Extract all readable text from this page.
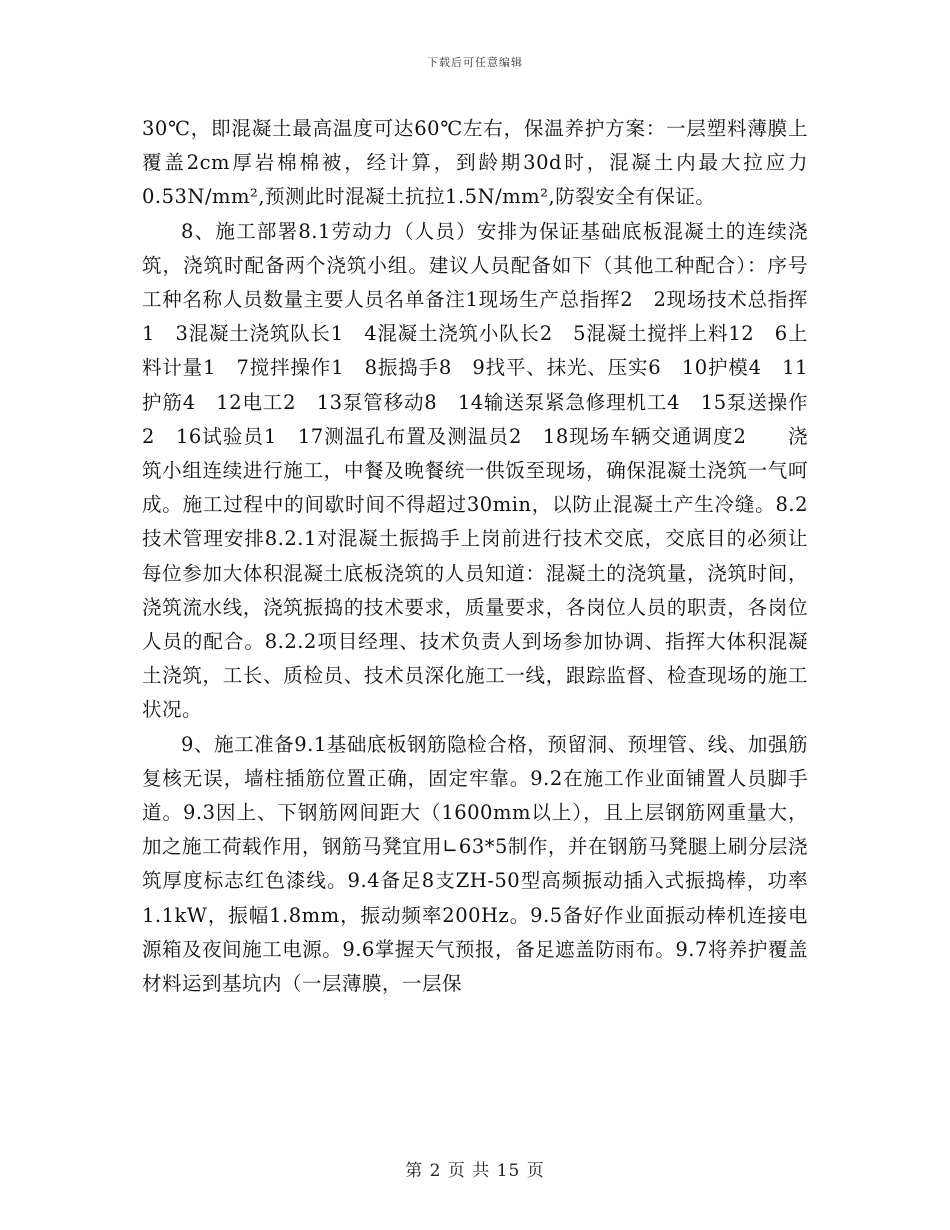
下载后可任意编辑

30℃，即混凝土最高温度可达60℃左右，保温养护方案：一层塑料薄膜上覆盖2cm厚岩棉棉被，经计算，到龄期30d时，混凝土内最大拉应力0.53N/mm²,预测此时混凝土抗拉1.5N/mm²,防裂安全有保证。

8、施工部署8.1劳动力（人员）安排为保证基础底板混凝土的连续浇筑，浇筑时配备两个浇筑小组。建议人员配备如下（其他工种配合）：序号工种名称人员数量主要人员名单备注1现场生产总指挥2　2现场技术总指挥1　3混凝土浇筑队长1　4混凝土浇筑小队长2　5混凝土搅拌上料12　6上料计量1　7搅拌操作1　8振捣手8　9找平、抹光、压实6　10护模4　11护筋4　12电工2　13泵管移动8　14输送泵紧急修理机工4　15泵送操作2　16试验员1　17测温孔布置及测温员2　18现场车辆交通调度2　　浇筑小组连续进行施工，中餐及晚餐统一供饭至现场，确保混凝土浇筑一气呵成。施工过程中的间歇时间不得超过30min，以防止混凝土产生冷缝。8.2技术管理安排8.2.1对混凝土振捣手上岗前进行技术交底，交底目的必须让每位参加大体积混凝土底板浇筑的人员知道：混凝土的浇筑量，浇筑时间，浇筑流水线，浇筑振捣的技术要求，质量要求，各岗位人员的职责，各岗位人员的配合。8.2.2项目经理、技术负责人到场参加协调、指挥大体积混凝土浇筑，工长、质检员、技术员深化施工一线，跟踪监督、检查现场的施工状况。

9、施工准备9.1基础底板钢筋隐检合格，预留洞、预埋管、线、加强筋复核无误，墙柱插筋位置正确，固定牢靠。9.2在施工作业面铺置人员脚手道。9.3因上、下钢筋网间距大（1600mm以上），且上层钢筋网重量大，加之施工荷载作用，钢筋马凳宜用∟63*5制作，并在钢筋马凳腿上刷分层浇筑厚度标志红色漆线。9.4备足8支ZH-50型高频振动插入式振捣棒，功率1.1kW，振幅1.8mm，振动频率200Hz。9.5备好作业面振动棒机连接电源箱及夜间施工电源。9.6掌握天气预报，备足遮盖防雨布。9.7将养护覆盖材料运到基坑内（一层薄膜，一层保

第 2 页 共 15 页
